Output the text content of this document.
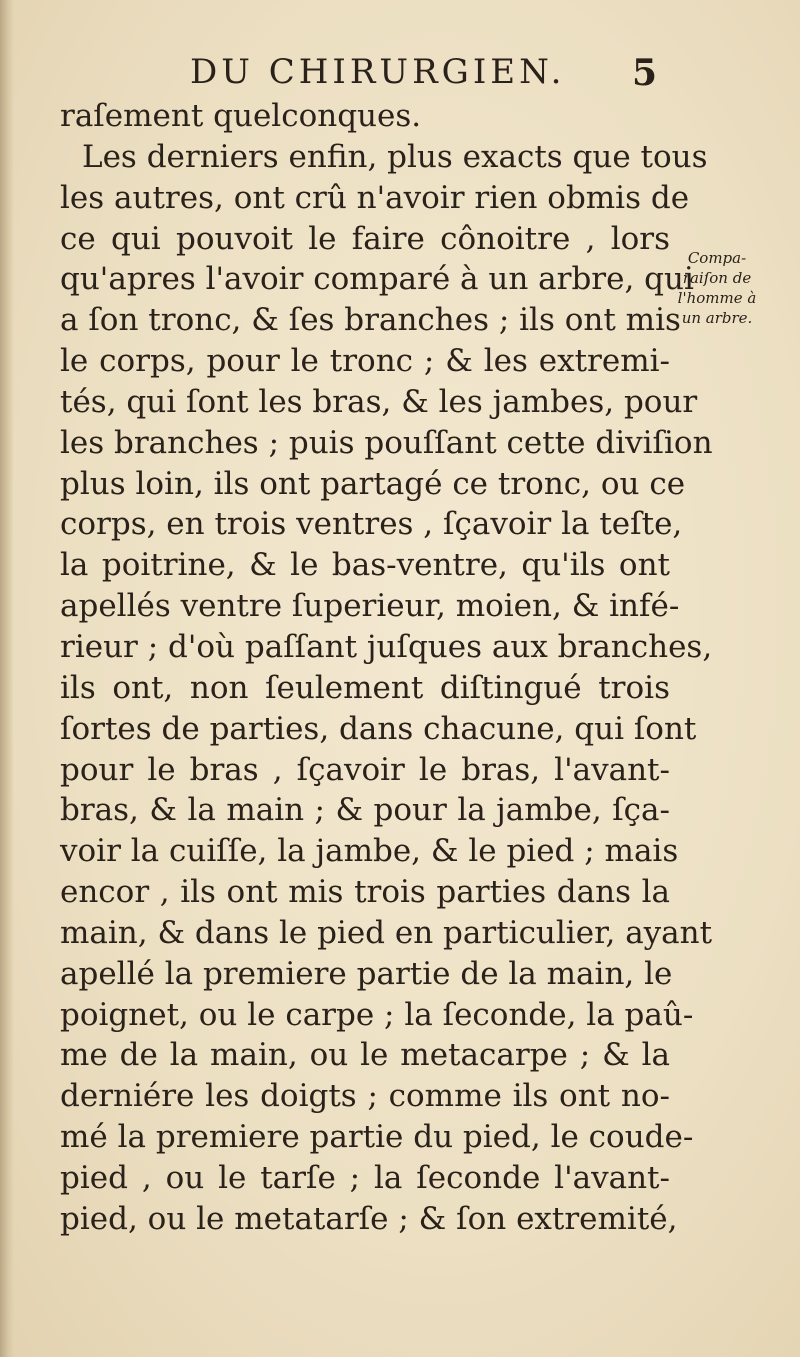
DU CHIRURGIEN. 5
raſement quelconques.
Les derniers enfin, plus exacts que tous
les autres, ont crû n'avoir rien obmis de
ce qui pouvoit le faire cônoitre , lors
qu'apres l'avoir comparé à un arbre, qui
a ſon tronc, & ſes branches ; ils ont mis
le corps, pour le tronc ; & les extremi-
tés, qui ſont les bras, & les jambes, pour
les branches ; puis pouſſant cette diviſion
plus loin, ils ont partagé ce tronc, ou ce
corps, en trois ventres , ſçavoir la teſte,
la poitrine, & le bas-ventre, qu'ils ont
apellés ventre ſuperieur, moien, & infé-
rieur ; d'où paſſant juſques aux branches,
ils ont, non ſeulement diſtingué trois
ſortes de parties, dans chacune, qui ſont
pour le bras , ſçavoir le bras, l'avant-
bras, & la main ; & pour la jambe, ſça-
voir la cuiſſe, la jambe, & le pied ; mais
encor , ils ont mis trois parties dans la
main, & dans le pied en particulier, ayant
apellé la premiere partie de la main, le
poignet, ou le carpe ; la ſeconde, la paû-
me de la main, ou le metacarpe ; & la
derniére les doigts ; comme ils ont no-
mé la premiere partie du pied, le coude-
pied , ou le tarſe ; la ſeconde l'avant-
pied, ou le metatarſe ; & ſon extremité,
Compa-
raiſon de
l'homme à
un arbre.
